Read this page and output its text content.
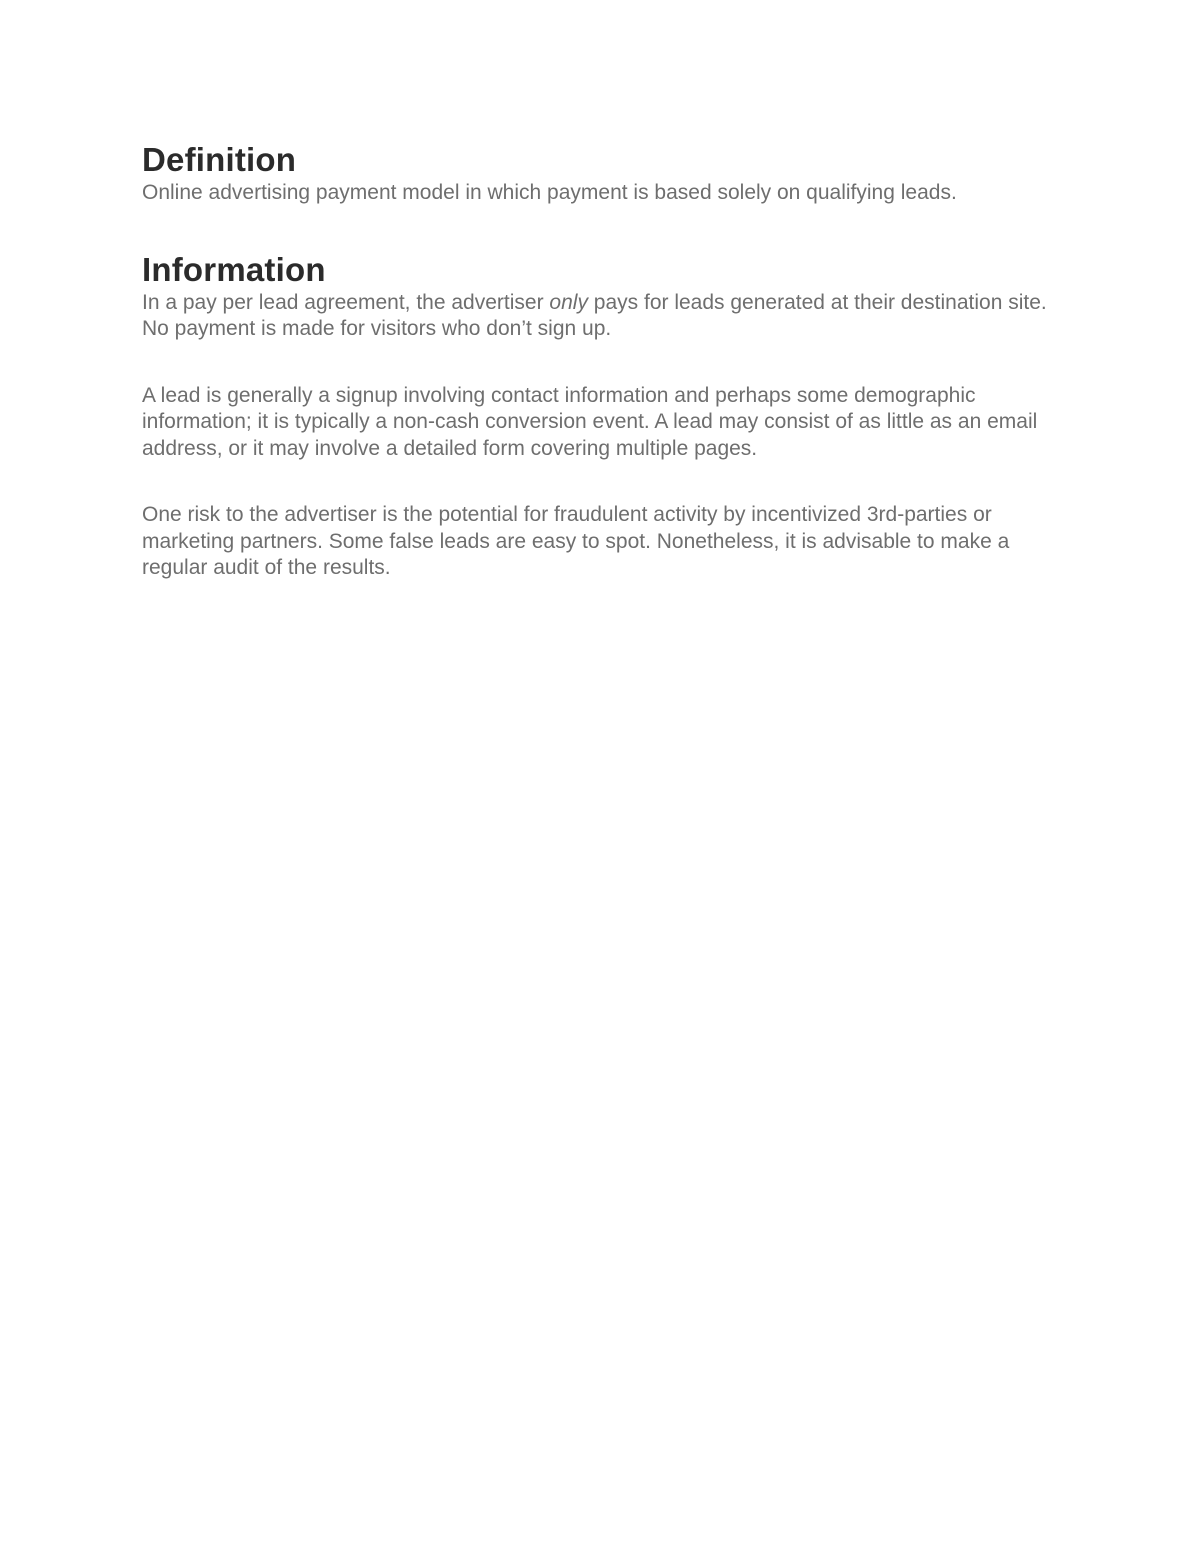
Definition

Online advertising payment model in which payment is based solely on qualifying leads.

Information

In a pay per lead agreement, the advertiser only pays for leads generated at their destination site. No payment is made for visitors who don’t sign up.

A lead is generally a signup involving contact information and perhaps some demographic information; it is typically a non-cash conversion event. A lead may consist of as little as an email address, or it may involve a detailed form covering multiple pages.

One risk to the advertiser is the potential for fraudulent activity by incentivized 3rd-parties or marketing partners. Some false leads are easy to spot. Nonetheless, it is advisable to make a regular audit of the results.
